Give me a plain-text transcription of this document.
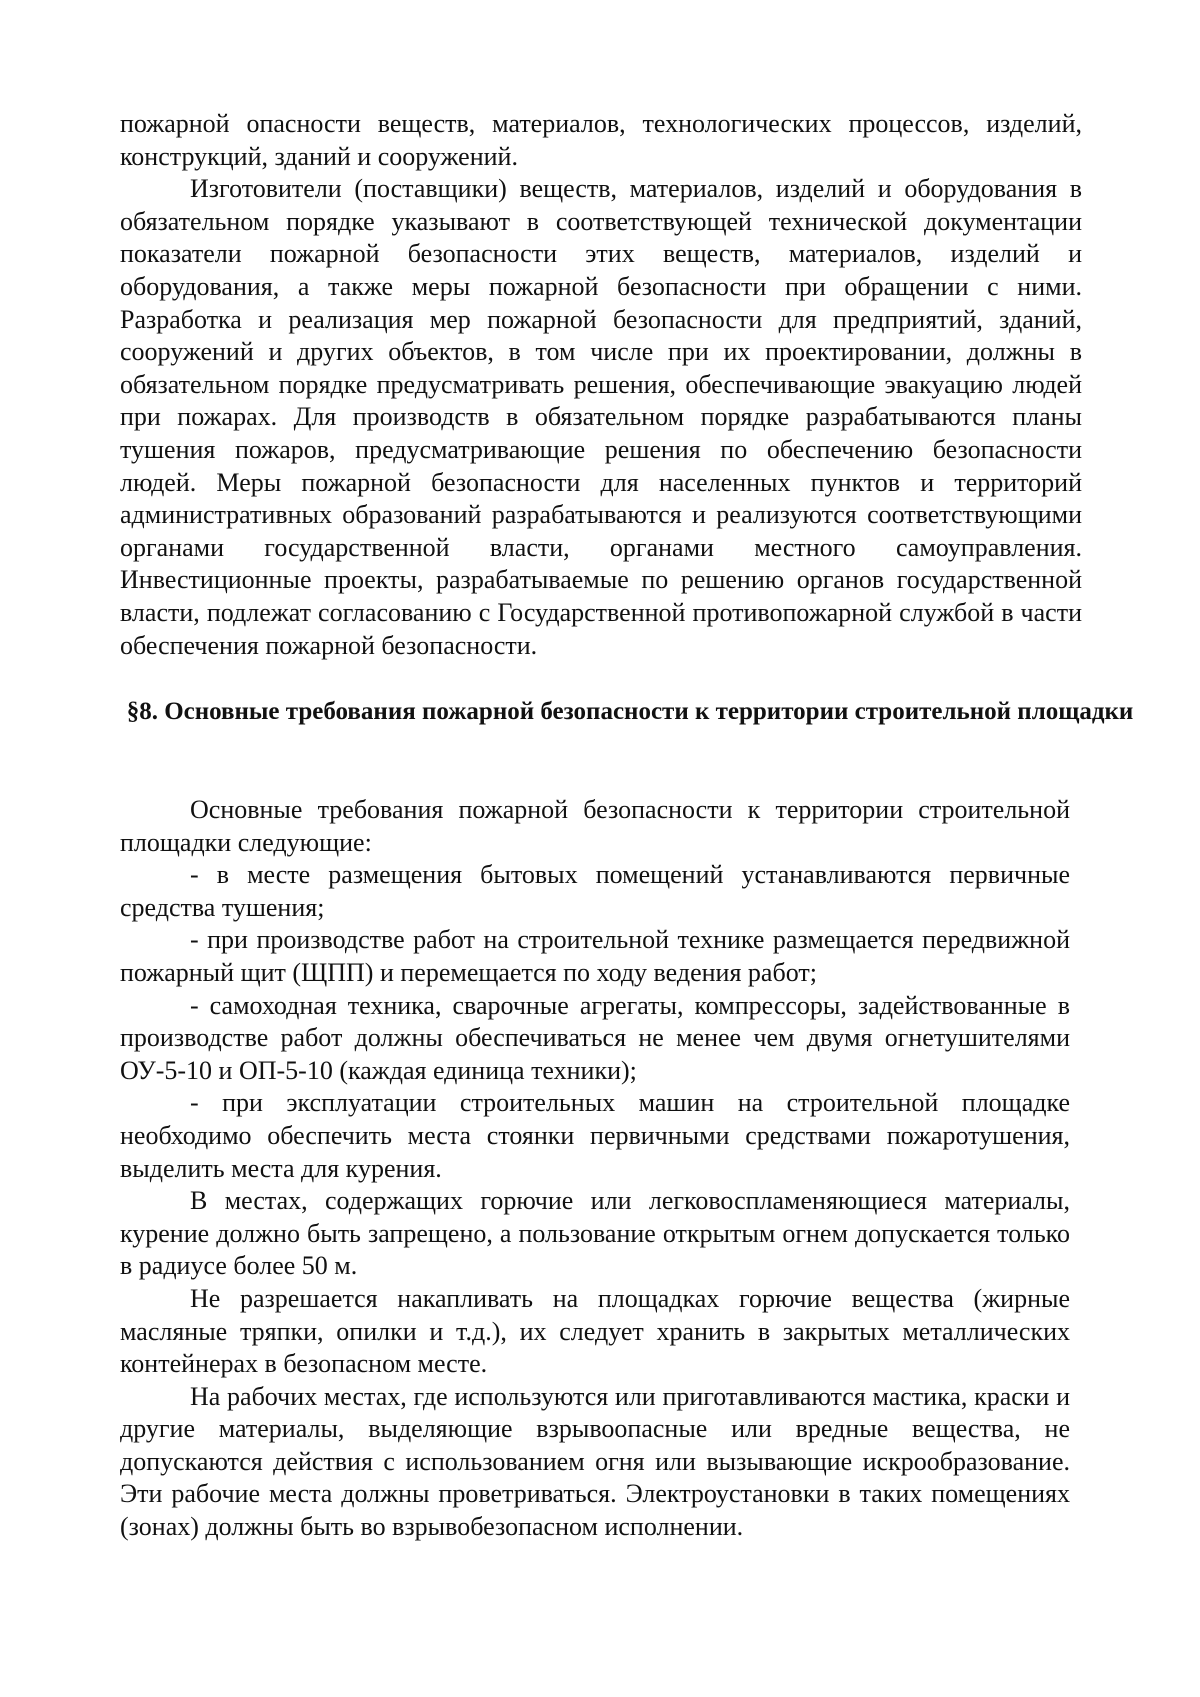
пожарной опасности веществ, материалов, технологических процессов, изделий, конструкций, зданий и сооружений.

Изготовители (поставщики) веществ, материалов, изделий и оборудования в обязательном порядке указывают в соответствующей технической документации показатели пожарной безопасности этих веществ, материалов, изделий и оборудования, а также меры пожарной безопасности при обращении с ними. Разработка и реализация мер пожарной безопасности для предприятий, зданий, сооружений и других объектов, в том числе при их проектировании, должны в обязательном порядке предусматривать решения, обеспечивающие эвакуацию людей при пожарах. Для производств в обязательном порядке разрабатываются планы тушения пожаров, предусматривающие решения по обеспечению безопасности людей. Меры пожарной безопасности для населенных пунктов и территорий административных образований разрабатываются и реализуются соответствующими органами государственной власти, органами местного самоуправления. Инвестиционные проекты, разрабатываемые по решению органов государственной власти, подлежат согласованию с Государственной противопожарной службой в части обеспечения пожарной безопасности.

§8. Основные требования пожарной безопасности к территории строительной площадки

Основные требования пожарной безопасности к территории строительной площадки следующие:

- в месте размещения бытовых помещений устанавливаются первичные средства тушения;

- при производстве работ на строительной технике размещается передвижной пожарный щит (ЩПП) и перемещается по ходу ведения работ;

- самоходная техника, сварочные агрегаты, компрессоры, задействованные в производстве работ должны обеспечиваться не менее чем двумя огнетушителями ОУ-5-10 и ОП-5-10 (каждая единица техники);

- при эксплуатации строительных машин на строительной площадке необходимо обеспечить места стоянки первичными средствами пожаротушения, выделить места для курения.

В местах, содержащих горючие или легковоспламеняющиеся материалы, курение должно быть запрещено, а пользование открытым огнем допускается только в радиусе более 50 м.

Не разрешается накапливать на площадках горючие вещества (жирные масляные тряпки, опилки и т.д.), их следует хранить в закрытых металлических контейнерах в безопасном месте.

На рабочих местах, где используются или приготавливаются мастика, краски и другие материалы, выделяющие взрывоопасные или вредные вещества, не допускаются действия с использованием огня или вызывающие искрообразование. Эти рабочие места должны проветриваться. Электроустановки в таких помещениях (зонах) должны быть во взрывобезопасном исполнении.
